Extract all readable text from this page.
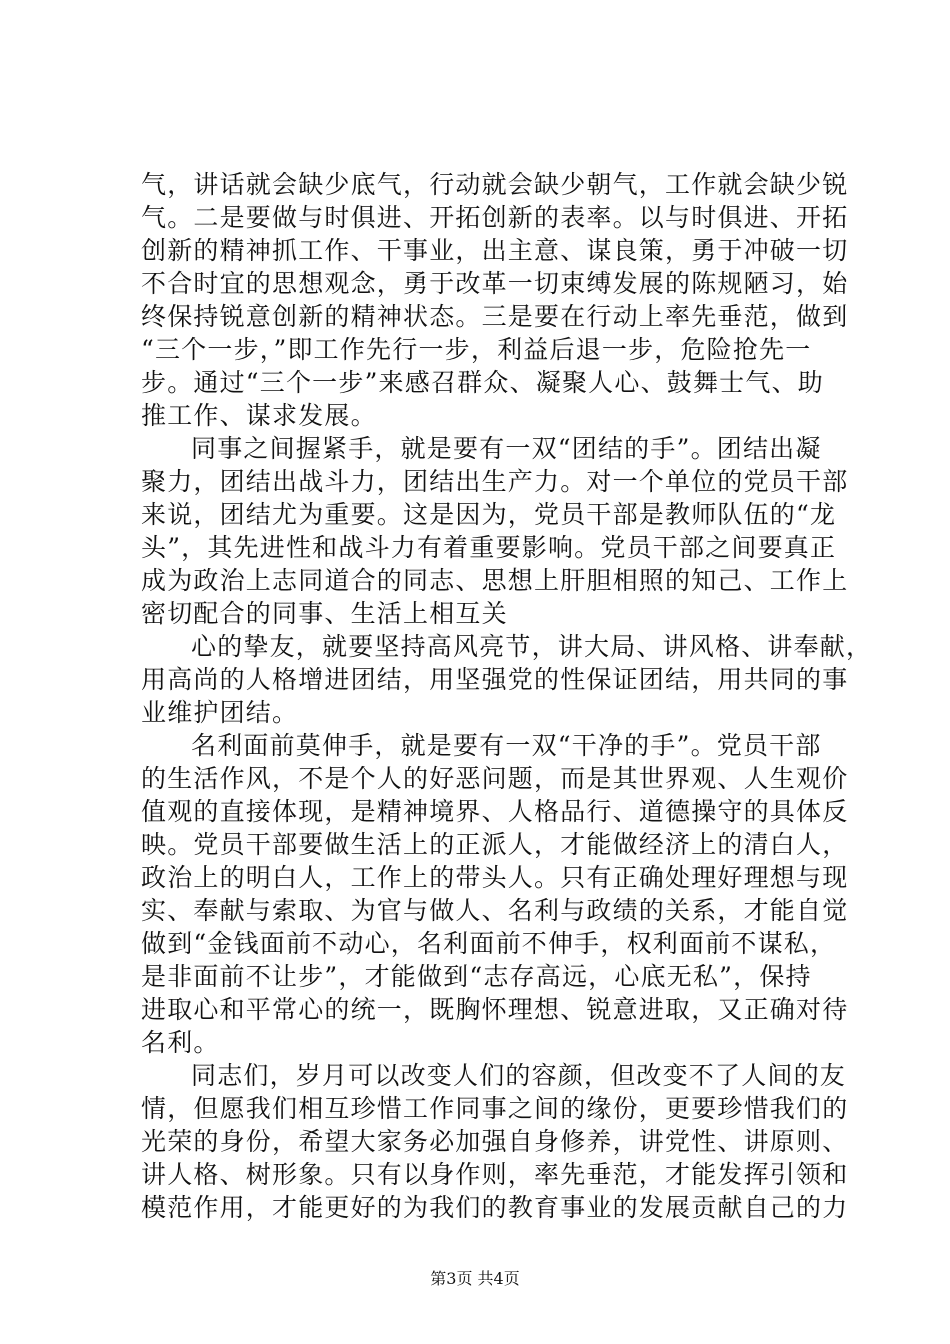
气，讲话就会缺少底气，行动就会缺少朝气，工作就会缺少锐
气。二是要做与时俱进、开拓创新的表率。以与时俱进、开拓
创新的精神抓工作、干事业，出主意、谋良策，勇于冲破一切
不合时宜的思想观念，勇于改革一切束缚发展的陈规陋习，始
终保持锐意创新的精神状态。三是要在行动上率先垂范，做到
“三个一步，”即工作先行一步，利益后退一步，危险抢先一
步。通过“三个一步”来感召群众、凝聚人心、鼓舞士气、助
推工作、谋求发展。
同事之间握紧手，就是要有一双“团结的手”。团结出凝
聚力，团结出战斗力，团结出生产力。对一个单位的党员干部
来说，团结尤为重要。这是因为，党员干部是教师队伍的“龙
头”，其先进性和战斗力有着重要影响。党员干部之间要真正
成为政治上志同道合的同志、思想上肝胆相照的知己、工作上
密切配合的同事、生活上相互关
心的挚友，就要坚持高风亮节，讲大局、讲风格、讲奉献，
用高尚的人格增进团结，用坚强党的性保证团结，用共同的事
业维护团结。
名利面前莫伸手，就是要有一双“干净的手”。党员干部
的生活作风，不是个人的好恶问题，而是其世界观、人生观价
值观的直接体现，是精神境界、人格品行、道德操守的具体反
映。党员干部要做生活上的正派人，才能做经济上的清白人，
政治上的明白人，工作上的带头人。只有正确处理好理想与现
实、奉献与索取、为官与做人、名利与政绩的关系，才能自觉
做到“金钱面前不动心，名利面前不伸手，权利面前不谋私，
是非面前不让步”，才能做到“志存高远，心底无私”，保持
进取心和平常心的统一，既胸怀理想、锐意进取，又正确对待
名利。
同志们，岁月可以改变人们的容颜，但改变不了人间的友
情，但愿我们相互珍惜工作同事之间的缘份，更要珍惜我们的
光荣的身份，希望大家务必加强自身修养，讲党性、讲原则、
讲人格、树形象。只有以身作则，率先垂范，才能发挥引领和
模范作用，才能更好的为我们的教育事业的发展贡献自己的力
第3页 共4页
